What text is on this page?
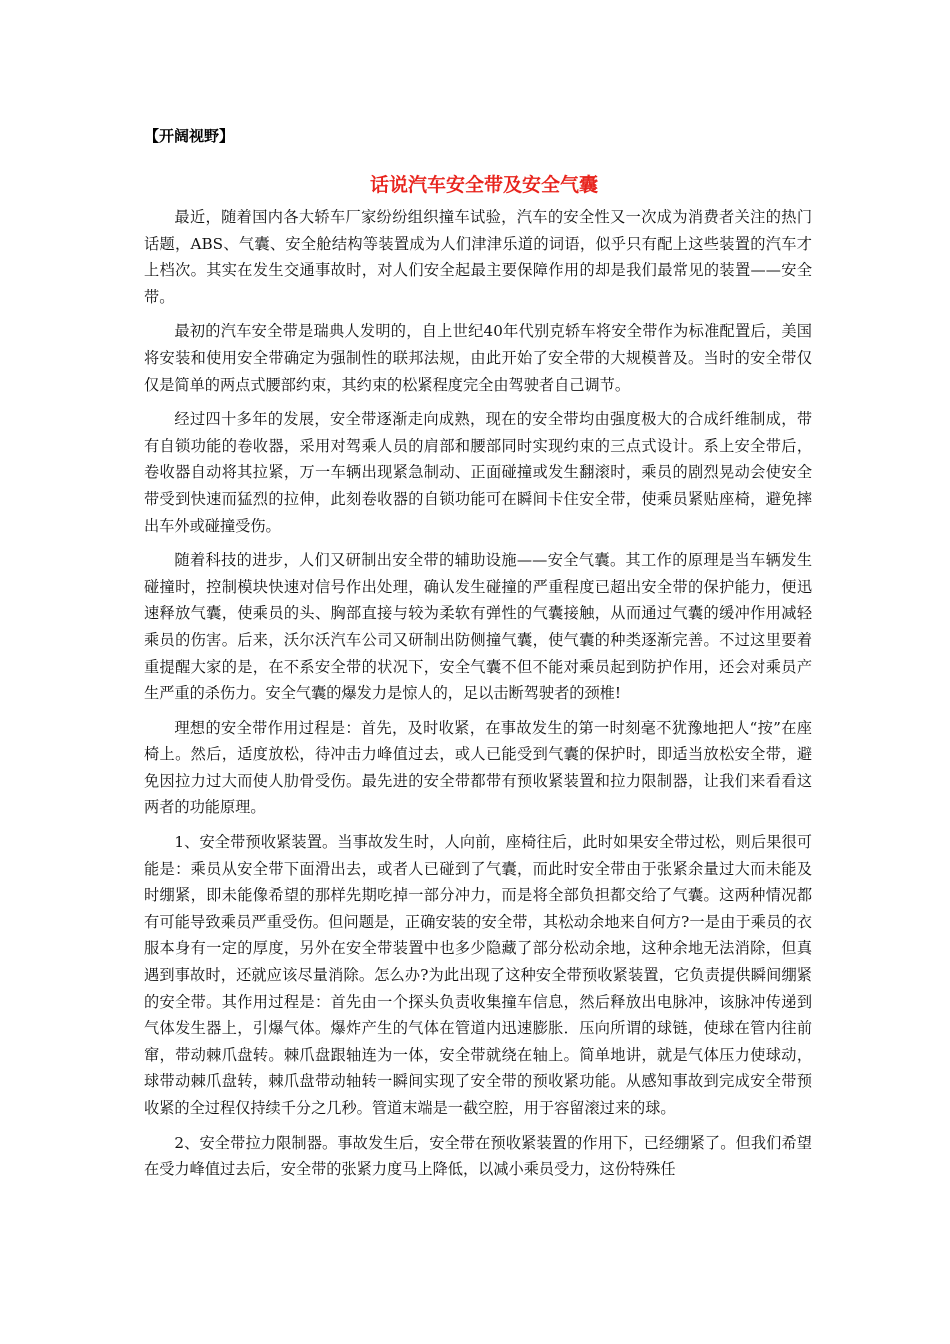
【开阔视野】
话说汽车安全带及安全气囊

最近，随着国内各大轿车厂家纷纷组织撞车试验，汽车的安全性又一次成为消费者关注的热门话题，ABS、气囊、安全舱结构等装置成为人们津津乐道的词语，似乎只有配上这些装置的汽车才上档次。其实在发生交通事故时，对人们安全起最主要保障作用的却是我们最常见的装置——安全带。

最初的汽车安全带是瑞典人发明的，自上世纪40年代别克轿车将安全带作为标准配置后，美国将安装和使用安全带确定为强制性的联邦法规，由此开始了安全带的大规模普及。当时的安全带仅仅是简单的两点式腰部约束，其约束的松紧程度完全由驾驶者自己调节。

经过四十多年的发展，安全带逐渐走向成熟，现在的安全带均由强度极大的合成纤维制成，带有自锁功能的卷收器，采用对驾乘人员的肩部和腰部同时实现约束的三点式设计。系上安全带后，卷收器自动将其拉紧，万一车辆出现紧急制动、正面碰撞或发生翻滚时，乘员的剧烈晃动会使安全带受到快速而猛烈的拉伸，此刻卷收器的自锁功能可在瞬间卡住安全带，使乘员紧贴座椅，避免摔出车外或碰撞受伤。

随着科技的进步，人们又研制出安全带的辅助设施——安全气囊。其工作的原理是当车辆发生碰撞时，控制模块快速对信号作出处理，确认发生碰撞的严重程度已超出安全带的保护能力，便迅速释放气囊，使乘员的头、胸部直接与较为柔软有弹性的气囊接触，从而通过气囊的缓冲作用减轻乘员的伤害。后来，沃尔沃汽车公司又研制出防侧撞气囊，使气囊的种类逐渐完善。不过这里要着重提醒大家的是，在不系安全带的状况下，安全气囊不但不能对乘员起到防护作用，还会对乘员产生严重的杀伤力。安全气囊的爆发力是惊人的，足以击断驾驶者的颈椎!

理想的安全带作用过程是：首先，及时收紧，在事故发生的第一时刻毫不犹豫地把人“按”在座椅上。然后，适度放松，待冲击力峰值过去，或人已能受到气囊的保护时，即适当放松安全带，避免因拉力过大而使人肋骨受伤。最先进的安全带都带有预收紧装置和拉力限制器，让我们来看看这两者的功能原理。

1、安全带预收紧装置。当事故发生时，人向前，座椅往后，此时如果安全带过松，则后果很可能是：乘员从安全带下面滑出去，或者人已碰到了气囊，而此时安全带由于张紧余量过大而未能及时绷紧，即未能像希望的那样先期吃掉一部分冲力，而是将全部负担都交给了气囊。这两种情况都有可能导致乘员严重受伤。但问题是，正确安装的安全带，其松动余地来自何方?一是由于乘员的衣服本身有一定的厚度，另外在安全带装置中也多少隐藏了部分松动余地，这种余地无法消除，但真遇到事故时，还就应该尽量消除。怎么办?为此出现了这种安全带预收紧装置，它负责提供瞬间绷紧的安全带。其作用过程是：首先由一个探头负责收集撞车信息，然后释放出电脉冲，该脉冲传递到气体发生器上，引爆气体。爆炸产生的气体在管道内迅速膨胀．压向所谓的球链，使球在管内往前窜，带动棘爪盘转。棘爪盘跟轴连为一体，安全带就绕在轴上。简单地讲，就是气体压力使球动，球带动棘爪盘转，棘爪盘带动轴转一瞬间实现了安全带的预收紧功能。从感知事故到完成安全带预收紧的全过程仅持续千分之几秒。管道末端是一截空腔，用于容留滚过来的球。

2、安全带拉力限制器。事故发生后，安全带在预收紧装置的作用下，已经绷紧了。但我们希望在受力峰值过去后，安全带的张紧力度马上降低，以减小乘员受力，这份特殊任
